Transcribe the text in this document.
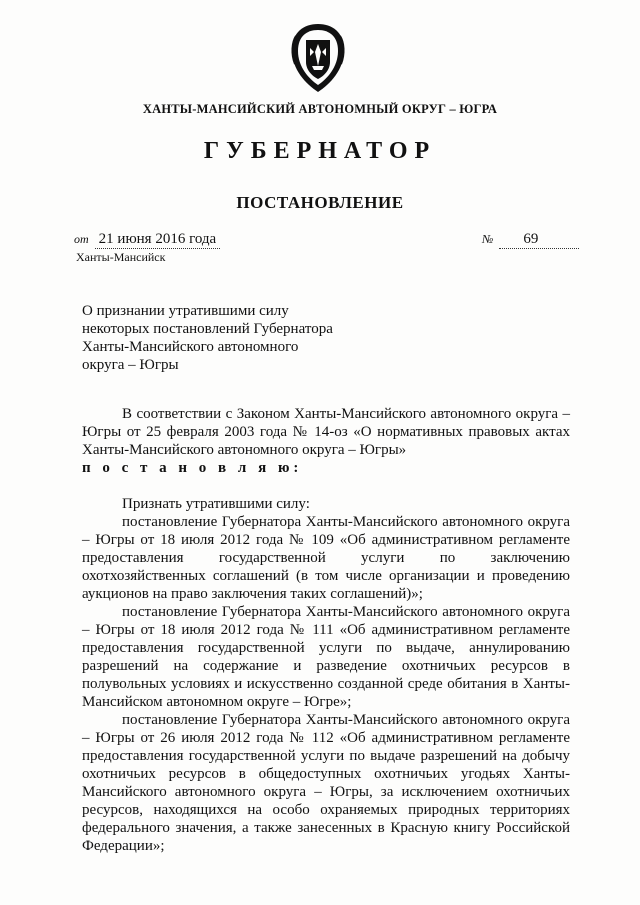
ХАНТЫ-МАНСИЙСКИЙ АВТОНОМНЫЙ ОКРУГ – ЮГРА
ГУБЕРНАТОР
ПОСТАНОВЛЕНИЕ
от 21 июня 2016 года	№ 69
Ханты-Мансийск
О признании утратившими силу некоторых постановлений Губернатора Ханты-Мансийского автономного округа – Югры

В соответствии с Законом Ханты-Мансийского автономного округа – Югры от 25 февраля 2003 года № 14-оз «О нормативных правовых актах Ханты-Мансийского автономного округа – Югры»

п о с т а н о в л я ю:

Признать утратившими силу:

постановление Губернатора Ханты-Мансийского автономного округа – Югры от 18 июля 2012 года № 109 «Об административном регламенте предоставления государственной услуги по заключению охотхозяйственных соглашений (в том числе организации и проведению аукционов на право заключения таких соглашений)»;

постановление Губернатора Ханты-Мансийского автономного округа – Югры от 18 июля 2012 года № 111 «Об административном регламенте предоставления государственной услуги по выдаче, аннулированию разрешений на содержание и разведение охотничьих ресурсов в полувольных условиях и искусственно созданной среде обитания в Ханты-Мансийском автономном округе – Югре»;

постановление Губернатора Ханты-Мансийского автономного округа – Югры от 26 июля 2012 года № 112 «Об административном регламенте предоставления государственной услуги по выдаче разрешений на добычу охотничьих ресурсов в общедоступных охотничьих угодьях Ханты-Мансийского автономного округа – Югры, за исключением охотничьих ресурсов, находящихся на особо охраняемых природных территориях федерального значения, а также занесенных в Красную книгу Российской Федерации»;
